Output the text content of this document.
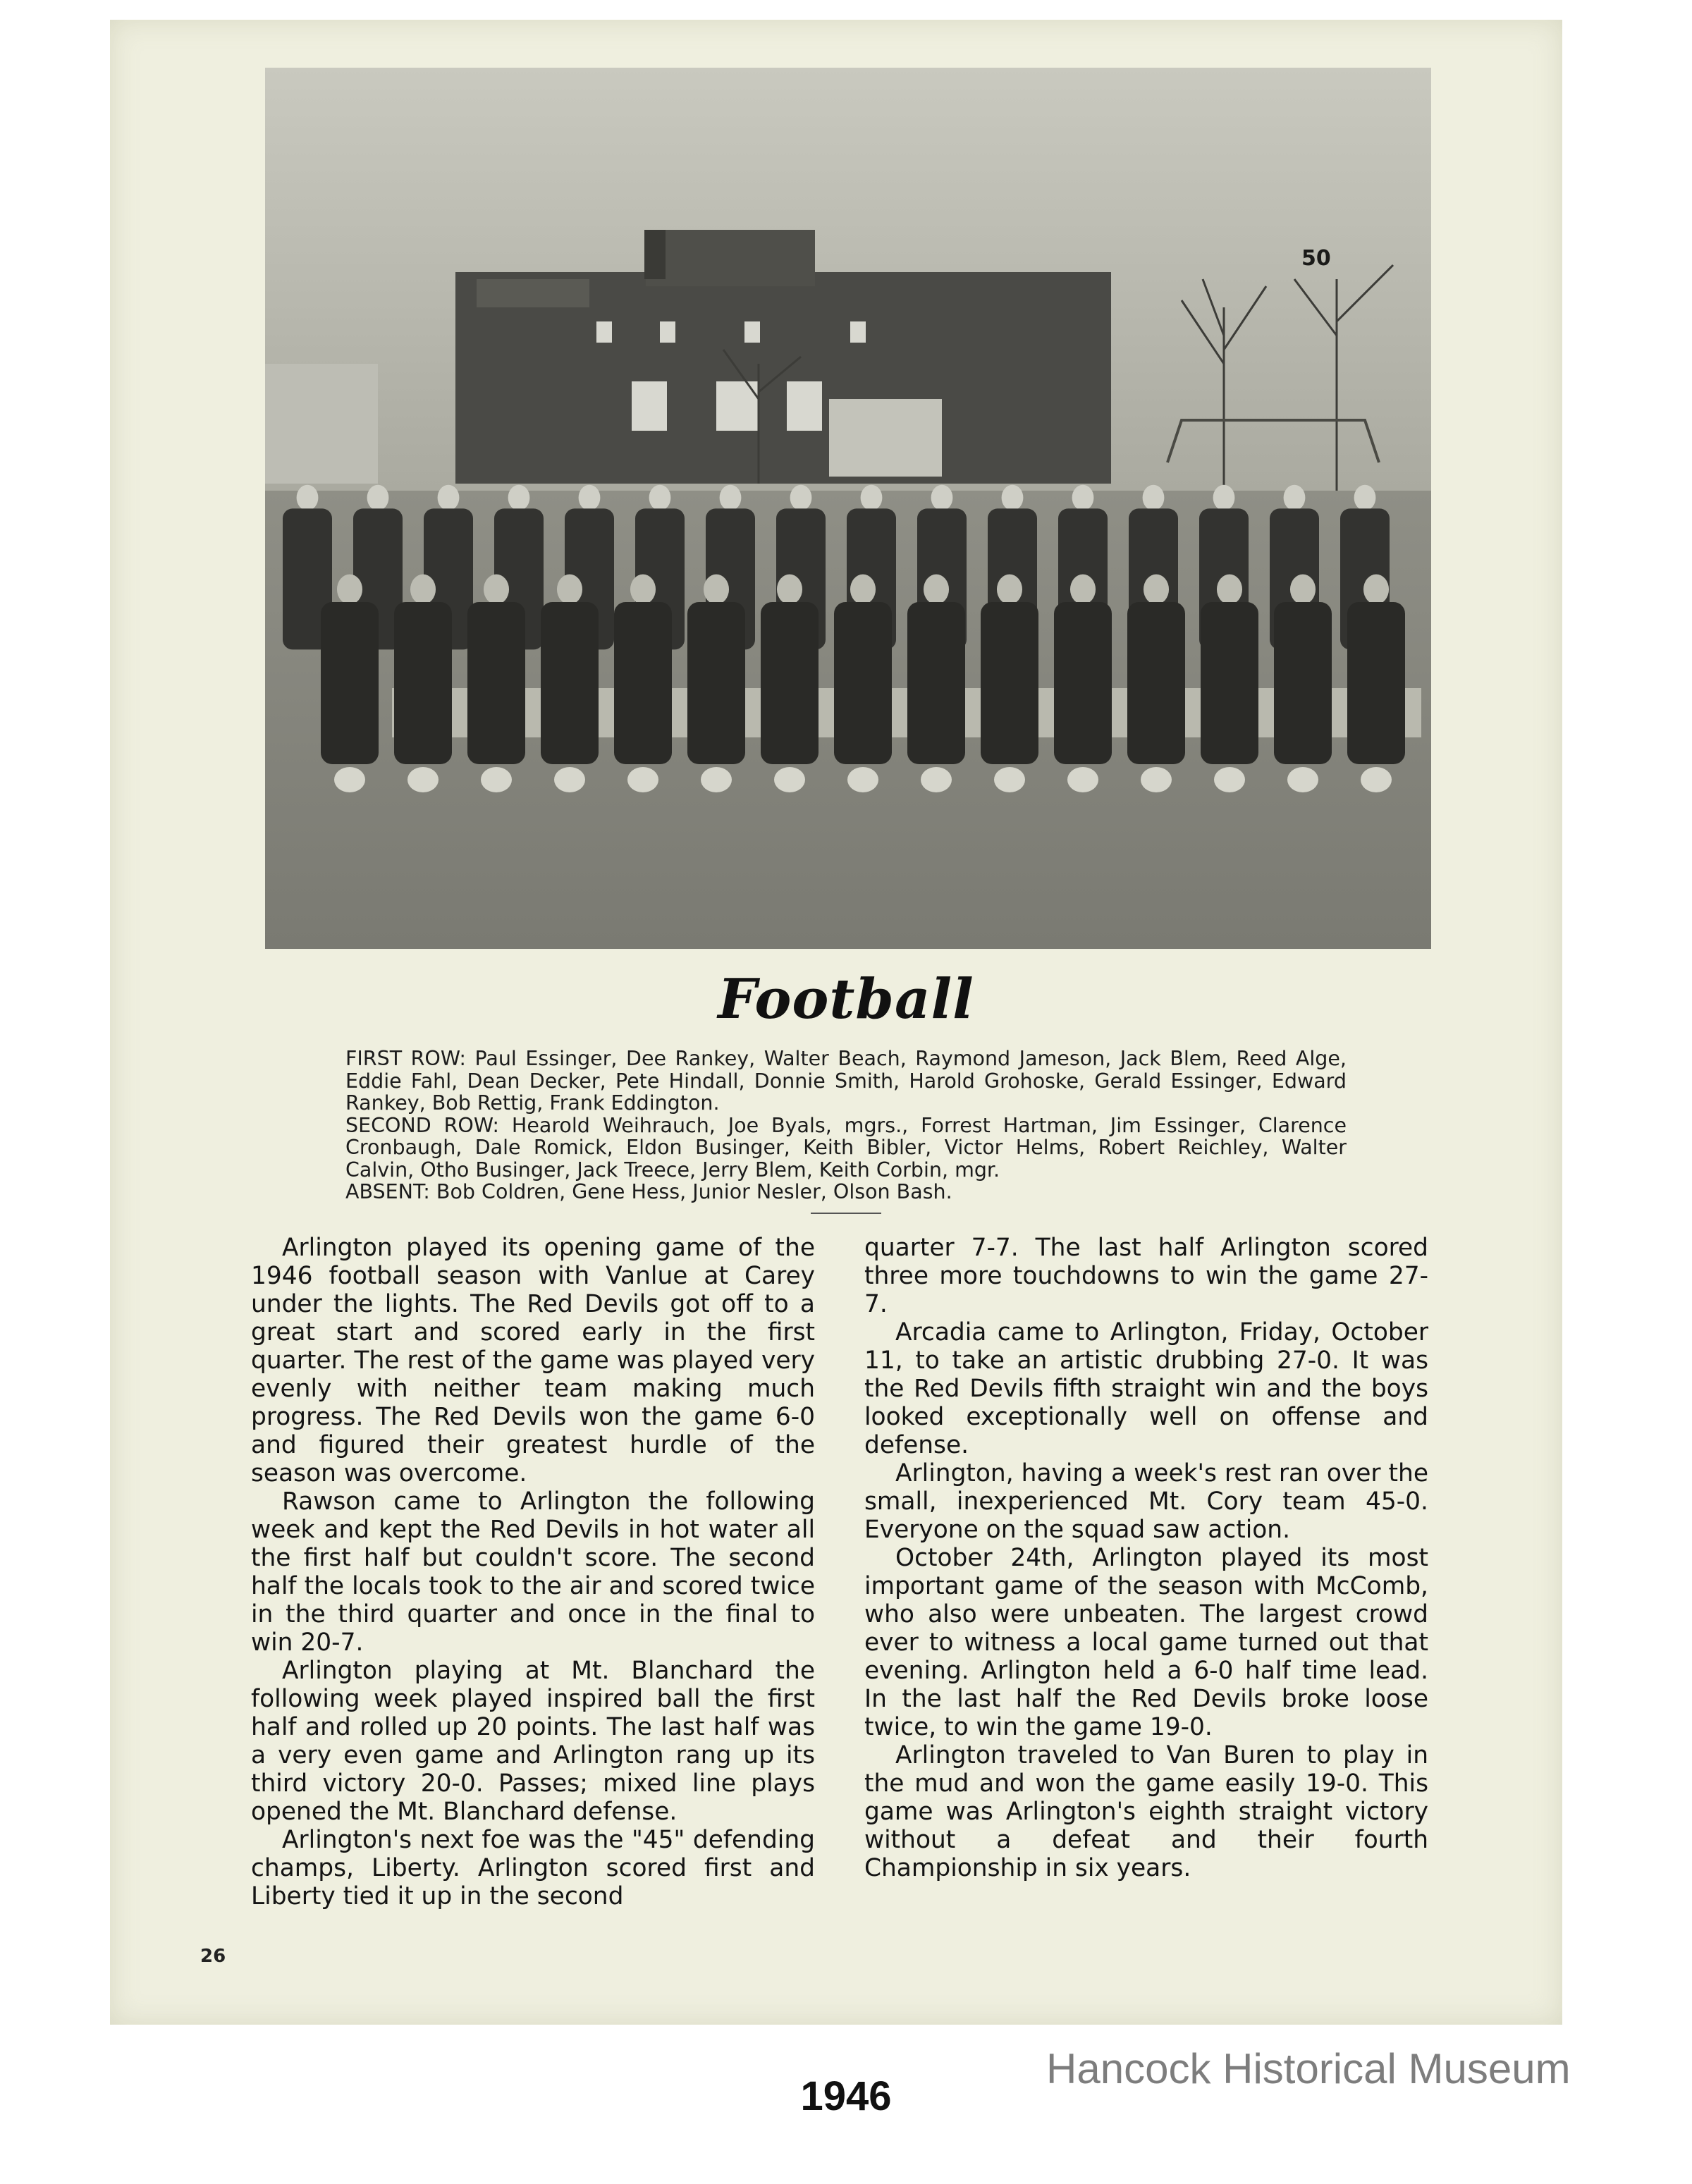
50
Football

FIRST ROW: Paul Essinger, Dee Rankey, Walter Beach, Raymond Jameson, Jack Blem, Reed Alge, Eddie Fahl, Dean Decker, Pete Hindall, Donnie Smith, Harold Grohoske, Gerald Essinger, Edward Rankey, Bob Rettig, Frank Eddington.

SECOND ROW: Hearold Weihrauch, Joe Byals, mgrs., Forrest Hartman, Jim Essinger, Clarence Cronbaugh, Dale Romick, Eldon Businger, Keith Bibler, Victor Helms, Robert Reichley, Walter Calvin, Otho Businger, Jack Treece, Jerry Blem, Keith Corbin, mgr.

ABSENT: Bob Coldren, Gene Hess, Junior Nesler, Olson Bash.

Arlington played its opening game of the 1946 football season with Vanlue at Carey under the lights. The Red Devils got off to a great start and scored early in the first quarter. The rest of the game was played very evenly with neither team making much progress. The Red Devils won the game 6-0 and figured their greatest hurdle of the season was overcome.

Rawson came to Arlington the following week and kept the Red Devils in hot water all the first half but couldn't score. The second half the locals took to the air and scored twice in the third quarter and once in the final to win 20-7.

Arlington playing at Mt. Blanchard the following week played inspired ball the first half and rolled up 20 points. The last half was a very even game and Arlington rang up its third victory 20-0. Passes; mixed line plays opened the Mt. Blanchard defense.

Arlington's next foe was the "45" defending champs, Liberty. Arlington scored first and Liberty tied it up in the second

quarter 7-7. The last half Arlington scored three more touchdowns to win the game 27-7.

Arcadia came to Arlington, Friday, October 11, to take an artistic drubbing 27-0. It was the Red Devils fifth straight win and the boys looked exceptionally well on offense and defense.

Arlington, having a week's rest ran over the small, inexperienced Mt. Cory team 45-0. Everyone on the squad saw action.

October 24th, Arlington played its most important game of the season with McComb, who also were unbeaten. The largest crowd ever to witness a local game turned out that evening. Arlington held a 6-0 half time lead. In the last half the Red Devils broke loose twice, to win the game 19-0.

Arlington traveled to Van Buren to play in the mud and won the game easily 19-0. This game was Arlington's eighth straight victory without a defeat and their fourth Championship in six years.

26
1946
Hancock Historical Museum
